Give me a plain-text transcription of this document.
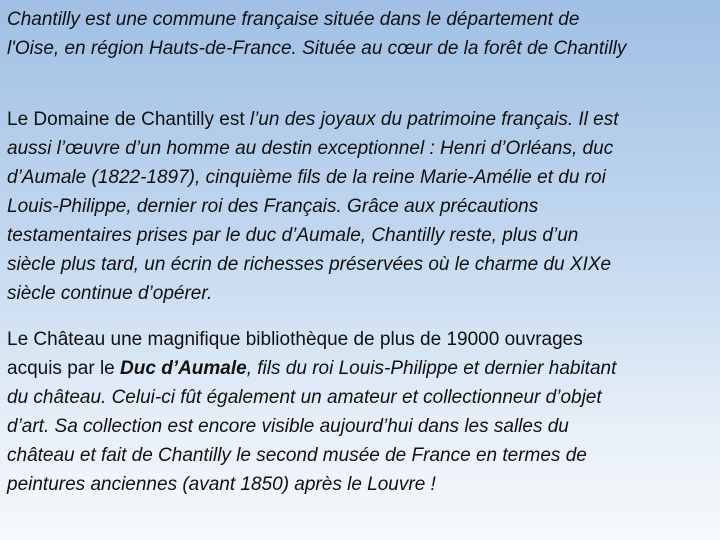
Chantilly est une commune française située dans le département de
l'Oise, en région Hauts-de-France. Située au cœur de la forêt de Chantilly

Le Domaine de Chantilly est l’un des joyaux du patrimoine français. Il est
aussi l’œuvre d’un homme au destin exceptionnel : Henri d’Orléans, duc
d’Aumale (1822-1897), cinquième fils de la reine Marie-Amélie et du roi
Louis-Philippe, dernier roi des Français. Grâce aux précautions
testamentaires prises par le duc d’Aumale, Chantilly reste, plus d’un
siècle plus tard, un écrin de richesses préservées où le charme du XIXe
siècle continue d’opérer.

Le Château une magnifique bibliothèque de plus de 19000 ouvrages
acquis par le Duc d’Aumale, fils du roi Louis-Philippe et dernier habitant
du château. Celui-ci fût également un amateur et collectionneur d’objet
d’art. Sa collection est encore visible aujourd’hui dans les salles du
château et fait de Chantilly le second musée de France en termes de
peintures anciennes (avant 1850) après le Louvre !
